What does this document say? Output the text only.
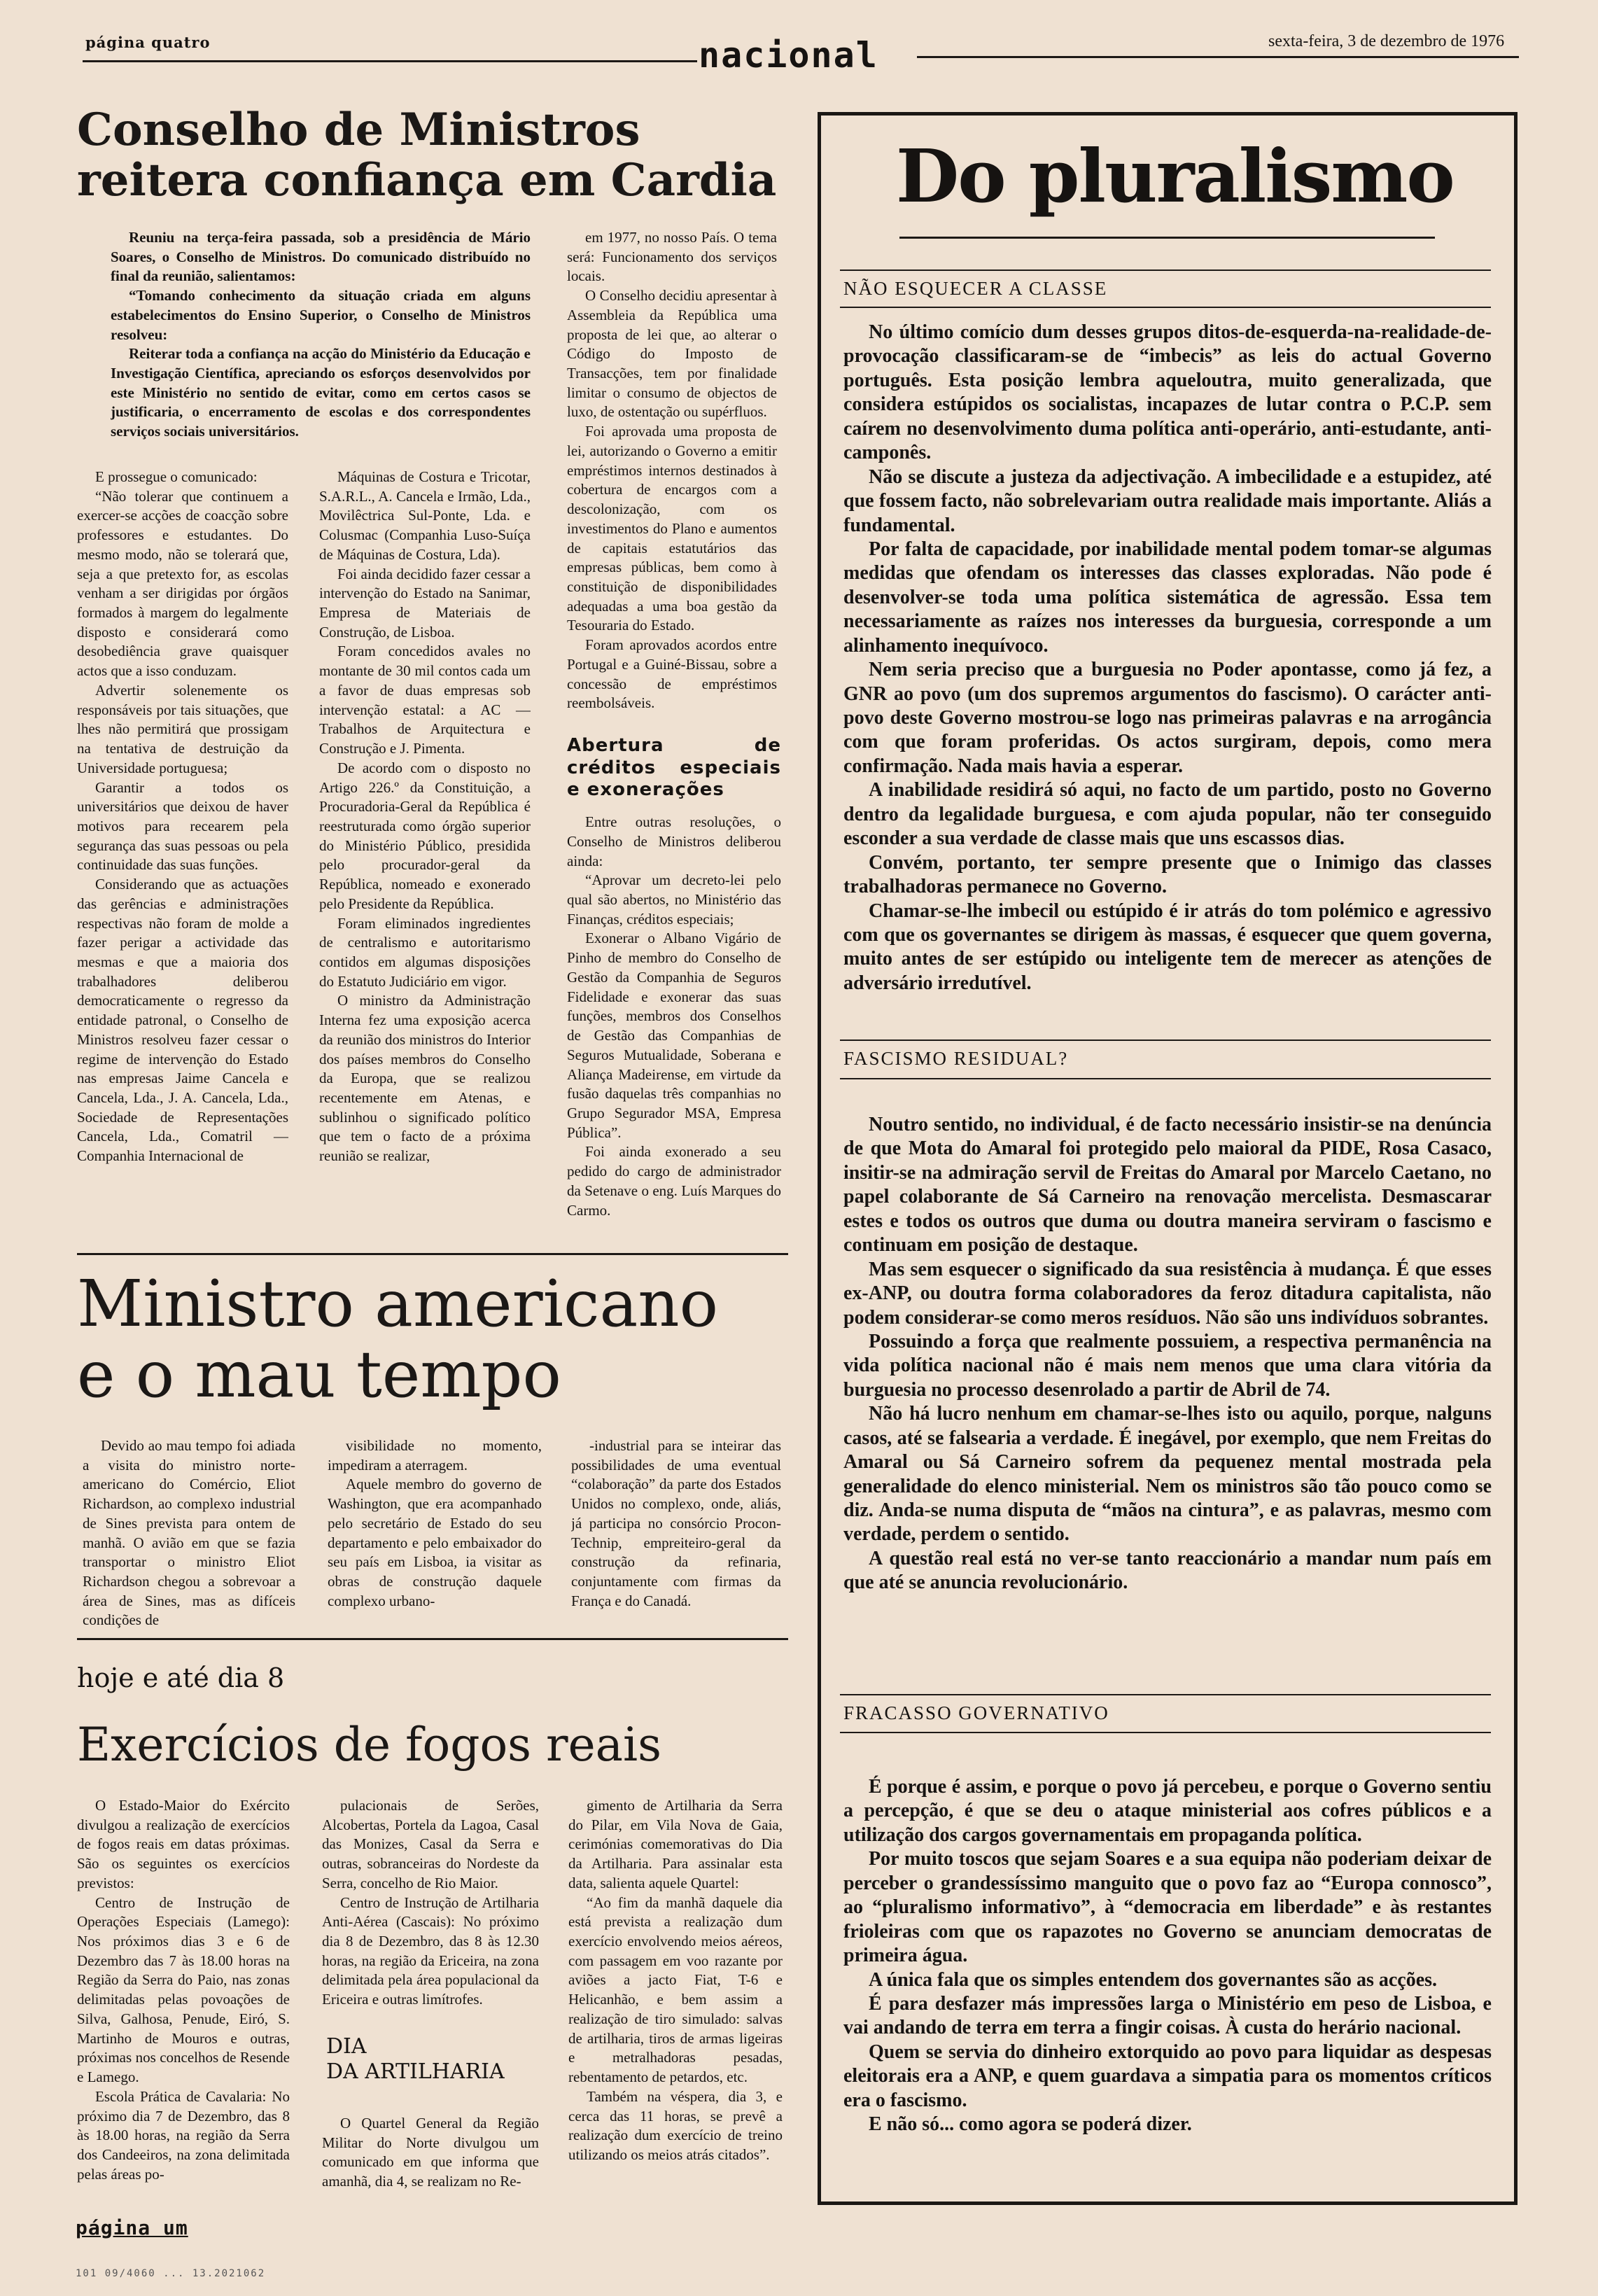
página quatro	nacional	sexta-feira, 3 de dezembro de 1976
Conselho de Ministros
reitera confiança em Cardia

Reuniu na terça-feira passada, sob a presidência de Mário Soares, o Conselho de Ministros. Do comunicado distribuído no final da reunião, salientamos:

“Tomando conhecimento da situação criada em alguns estabelecimentos do Ensino Superior, o Conselho de Ministros resolveu:

Reiterar toda a confiança na acção do Ministério da Educação e Investigação Científica, apreciando os esforços desenvolvidos por este Ministério no sentido de evitar, como em certos casos se justificaria, o encerramento de escolas e dos correspondentes serviços sociais universitários.

E prossegue o comunicado:

“Não tolerar que continuem a exercer-se acções de coacção sobre professores e estudantes. Do mesmo modo, não se tolerará que, seja a que pretexto for, as escolas venham a ser dirigidas por órgãos formados à margem do legalmente disposto e considerará como desobediência grave quaisquer actos que a isso conduzam.

Advertir solenemente os responsáveis por tais situações, que lhes não permitirá que prossigam na tentativa de destruição da Universidade portuguesa;

Garantir a todos os universitários que deixou de haver motivos para recearem pela segurança das suas pessoas ou pela continuidade das suas funções.

Considerando que as actuações das gerências e administrações respectivas não foram de molde a fazer perigar a actividade das mesmas e que a maioria dos trabalhadores deliberou democraticamente o regresso da entidade patronal, o Conselho de Ministros resolveu fazer cessar o regime de intervenção do Estado nas empresas Jaime Cancela e Cancela, Lda., J. A. Cancela, Lda., Sociedade de Representações Cancela, Lda., Comatril — Companhia Internacional de

Máquinas de Costura e Tricotar, S.A.R.L., A. Cancela e Irmão, Lda., Movilêctrica Sul-Ponte, Lda. e Colusmac (Companhia Luso-Suíça de Máquinas de Costura, Lda).

Foi ainda decidido fazer cessar a intervenção do Estado na Sanimar, Empresa de Materiais de Construção, de Lisboa.

Foram concedidos avales no montante de 30 mil contos cada um a favor de duas empresas sob intervenção estatal: a AC — Trabalhos de Arquitectura e Construção e J. Pimenta.

De acordo com o disposto no Artigo 226.º da Constituição, a Procuradoria-Geral da República é reestruturada como órgão superior do Ministério Público, presidida pelo procurador-geral da República, nomeado e exonerado pelo Presidente da República.

Foram eliminados ingredientes de centralismo e autoritarismo contidos em algumas disposições do Estatuto Judiciário em vigor.

O ministro da Administração Interna fez uma exposição acerca da reunião dos ministros do Interior dos países membros do Conselho da Europa, que se realizou recentemente em Atenas, e sublinhou o significado político que tem o facto de a próxima reunião se realizar,

em 1977, no nosso País. O tema será: Funcionamento dos serviços locais.

O Conselho decidiu apresentar à Assembleia da República uma proposta de lei que, ao alterar o Código do Imposto de Transacções, tem por finalidade limitar o consumo de objectos de luxo, de ostentação ou supérfluos.

Foi aprovada uma proposta de lei, autorizando o Governo a emitir empréstimos internos destinados à cobertura de encargos com a descolonização, com os investimentos do Plano e aumentos de capitais estatutários das empresas públicas, bem como à constituição de disponibilidades adequadas a uma boa gestão da Tesouraria do Estado.

Foram aprovados acordos entre Portugal e a Guiné-Bissau, sobre a concessão de empréstimos reembolsáveis.

Abertura de créditos especiais e exonerações

Entre outras resoluções, o Conselho de Ministros deliberou ainda:

“Aprovar um decreto-lei pelo qual são abertos, no Ministério das Finanças, créditos especiais;

Exonerar o Albano Vigário de Pinho de membro do Conselho de Gestão da Companhia de Seguros Fidelidade e exonerar das suas funções, membros dos Conselhos de Gestão das Companhias de Seguros Mutualidade, Soberana e Aliança Madeirense, em virtude da fusão daquelas três companhias no Grupo Segurador MSA, Empresa Pública”.

Foi ainda exonerado a seu pedido do cargo de administrador da Setenave o eng. Luís Marques do Carmo.

Ministro americano
e o mau tempo

Devido ao mau tempo foi adiada a visita do ministro norte-americano do Comércio, Eliot Richardson, ao complexo industrial de Sines prevista para ontem de manhã. O avião em que se fazia transportar o ministro Eliot Richardson chegou a sobrevoar a área de Sines, mas as difíceis condições de

visibilidade no momento, impediram a aterragem.

Aquele membro do governo de Washington, que era acompanhado pelo secretário de Estado do seu departamento e pelo embaixador do seu país em Lisboa, ia visitar as obras de construção daquele complexo urbano-

-industrial para se inteirar das possibilidades de uma eventual “colaboração” da parte dos Estados Unidos no complexo, onde, aliás, já participa no consórcio Procon-Technip, empreiteiro-geral da construção da refinaria, conjuntamente com firmas da França e do Canadá.

hoje e até dia 8
Exercícios de fogos reais

O Estado-Maior do Exército divulgou a realização de exercícios de fogos reais em datas próximas. São os seguintes os exercícios previstos:

Centro de Instrução de Operações Especiais (Lamego): Nos próximos dias 3 e 6 de Dezembro das 7 às 18.00 horas na Região da Serra do Paio, nas zonas delimitadas pelas povoações de Silva, Galhosa, Penude, Eiró, S. Martinho de Mouros e outras, próximas nos concelhos de Resende e Lamego.

Escola Prática de Cavalaria: No próximo dia 7 de Dezembro, das 8 às 18.00 horas, na região da Serra dos Candeeiros, na zona delimitada pelas áreas po-

pulacionais de Serões, Alcobertas, Portela da Lagoa, Casal das Monizes, Casal da Serra e outras, sobranceiras do Nordeste da Serra, concelho de Rio Maior.

Centro de Instrução de Artilharia Anti-Aérea (Cascais): No próximo dia 8 de Dezembro, das 8 às 12.30 horas, na região da Ericeira, na zona delimitada pela área populacional da Ericeira e outras limítrofes.

DIA
DA ARTILHARIA

O Quartel General da Região Militar do Norte divulgou um comunicado em que informa que amanhã, dia 4, se realizam no Re-

gimento de Artilharia da Serra do Pilar, em Vila Nova de Gaia, cerimónias comemorativas do Dia da Artilharia. Para assinalar esta data, salienta aquele Quartel:

“Ao fim da manhã daquele dia está prevista a realização dum exercício envolvendo meios aéreos, com passagem em voo razante por aviões a jacto Fiat, T-6 e Helicanhão, e bem assim a realização de tiro simulado: salvas de artilharia, tiros de armas ligeiras e metralhadoras pesadas, rebentamento de petardos, etc.

Também na véspera, dia 3, e cerca das 11 horas, se prevê a realização dum exercício de treino utilizando os meios atrás citados”.

Do pluralismo
NÃO ESQUECER A CLASSE

No último comício dum desses grupos ditos-de-esquerda-na-realidade-de-provocação classificaram-se de “imbecis” as leis do actual Governo português. Esta posição lembra aqueloutra, muito generalizada, que considera estúpidos os socialistas, incapazes de lutar contra o P.C.P. sem caírem no desenvolvimento duma política anti-operário, anti-estudante, anti-camponês.

Não se discute a justeza da adjectivação. A imbecilidade e a estupidez, até que fossem facto, não sobrelevariam outra realidade mais importante. Aliás a fundamental.

Por falta de capacidade, por inabilidade mental podem tomar-se algumas medidas que ofendam os interesses das classes exploradas. Não pode é desenvolver-se toda uma política sistemática de agressão. Essa tem necessariamente as raízes nos interesses da burguesia, corresponde a um alinhamento inequívoco.

Nem seria preciso que a burguesia no Poder apontasse, como já fez, a GNR ao povo (um dos supremos argumentos do fascismo). O carácter anti-povo deste Governo mostrou-se logo nas primeiras palavras e na arrogância com que foram proferidas. Os actos surgiram, depois, como mera confirmação. Nada mais havia a esperar.

A inabilidade residirá só aqui, no facto de um partido, posto no Governo dentro da legalidade burguesa, e com ajuda popular, não ter conseguido esconder a sua verdade de classe mais que uns escassos dias.

Convém, portanto, ter sempre presente que o Inimigo das classes trabalhadoras permanece no Governo.

Chamar-se-lhe imbecil ou estúpido é ir atrás do tom polémico e agressivo com que os governantes se dirigem às massas, é esquecer que quem governa, muito antes de ser estúpido ou inteligente tem de merecer as atenções de adversário irredutível.

FASCISMO RESIDUAL?

Noutro sentido, no individual, é de facto necessário insistir-se na denúncia de que Mota do Amaral foi protegido pelo maioral da PIDE, Rosa Casaco, insitir-se na admiração servil de Freitas do Amaral por Marcelo Caetano, no papel colaborante de Sá Carneiro na renovação mercelista. Desmascarar estes e todos os outros que duma ou doutra maneira serviram o fascismo e continuam em posição de destaque.

Mas sem esquecer o significado da sua resistência à mudança. É que esses ex-ANP, ou doutra forma colaboradores da feroz ditadura capitalista, não podem considerar-se como meros resíduos. Não são uns indivíduos sobrantes.

Possuindo a força que realmente possuiem, a respectiva permanência na vida política nacional não é mais nem menos que uma clara vitória da burguesia no processo desenrolado a partir de Abril de 74.

Não há lucro nenhum em chamar-se-lhes isto ou aquilo, porque, nalguns casos, até se falsearia a verdade. É inegável, por exemplo, que nem Freitas do Amaral ou Sá Carneiro sofrem da pequenez mental mostrada pela generalidade do elenco ministerial. Nem os ministros são tão pouco como se diz. Anda-se numa disputa de “mãos na cintura”, e as palavras, mesmo com verdade, perdem o sentido.

A questão real está no ver-se tanto reaccionário a mandar num país em que até se anuncia revolucionário.

FRACASSO GOVERNATIVO

É porque é assim, e porque o povo já percebeu, e porque o Governo sentiu a percepção, é que se deu o ataque ministerial aos cofres públicos e a utilização dos cargos governamentais em propaganda política.

Por muito toscos que sejam Soares e a sua equipa não poderiam deixar de perceber o grandessíssimo manguito que o povo faz ao “Europa connosco”, ao “pluralismo informativo”, à “democracia em liberdade” e às restantes frioleiras com que os rapazotes no Governo se anunciam democratas de primeira água.

A única fala que os simples entendem dos governantes são as acções.

É para desfazer más impressões larga o Ministério em peso de Lisboa, e vai andando de terra em terra a fingir coisas. À custa do herário nacional.

Quem se servia do dinheiro extorquido ao povo para liquidar as despesas eleitorais era a ANP, e quem guardava a simpatia para os momentos críticos era o fascismo.

E não só... como agora se poderá dizer.

página um
101 09/4060 ... 13.2021062
